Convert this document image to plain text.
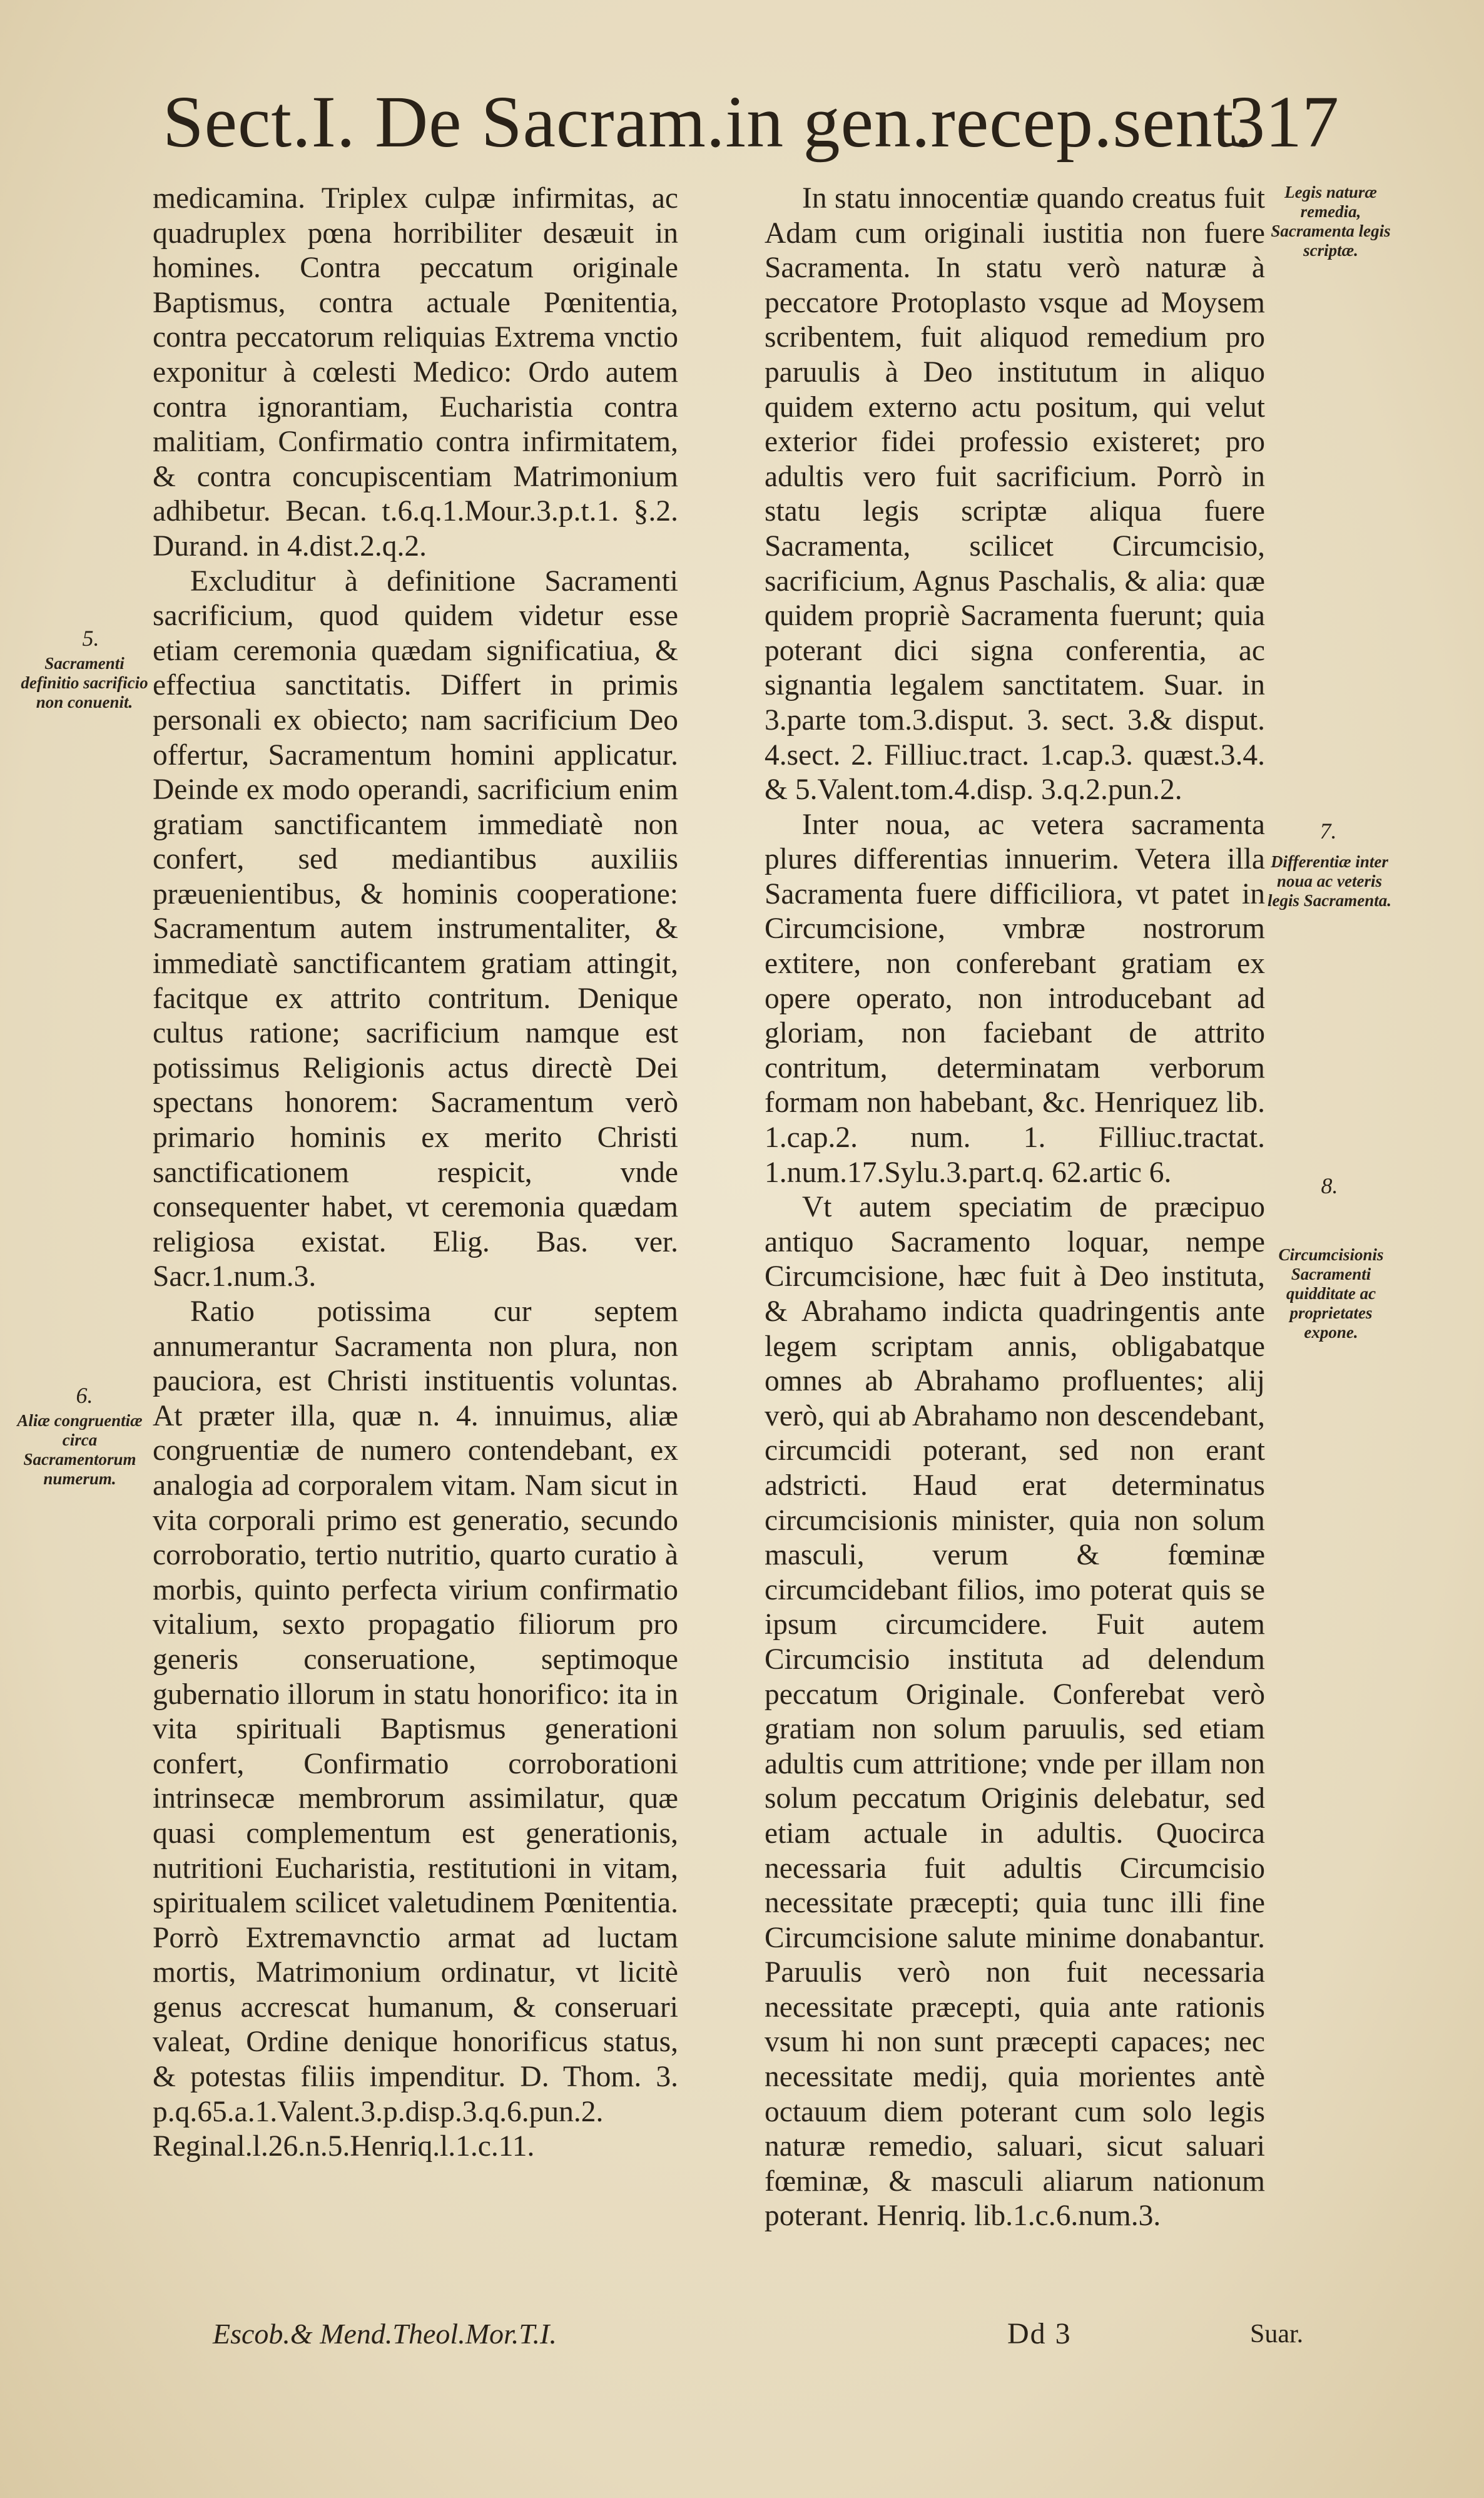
Sect.I. De Sacram.in gen.recep.sent.
317

medicamina. Triplex culpæ infirmitas, ac quadruplex pœna horribiliter desæuit in homines. Contra peccatum originale Baptismus, contra actuale Pœnitentia, contra peccatorum reliquias Extrema vnctio exponitur à cœlesti Medico: Ordo autem contra ignorantiam, Eucharistia contra malitiam, Confirmatio contra infirmitatem, & contra concupiscentiam Matrimonium adhibetur. Becan. t.6.q.1.Mour.3.p.t.1. §.2. Durand. in 4.dist.2.q.2.

Excluditur à definitione Sacramenti sacrificium, quod quidem videtur esse etiam ceremonia quædam significatiua, & effectiua sanctitatis. Differt in primis personali ex obiecto; nam sacrificium Deo offertur, Sacramentum homini applicatur. Deinde ex modo operandi, sacrificium enim gratiam sanctificantem immediatè non confert, sed mediantibus auxiliis præuenientibus, & hominis cooperatione: Sacramentum autem instrumentaliter, & immediatè sanctificantem gratiam attingit, facitque ex attrito contritum. Denique cultus ratione; sacrificium namque est potissimus Religionis actus directè Dei spectans honorem: Sacramentum verò primario hominis ex merito Christi sanctificationem respicit, vnde consequenter habet, vt ceremonia quædam religiosa existat. Elig. Bas. ver. Sacr.1.num.3.

Ratio potissima cur septem annumerantur Sacramenta non plura, non pauciora, est Christi instituentis voluntas. At præter illa, quæ n. 4. innuimus, aliæ congruentiæ de numero contendebant, ex analogia ad corporalem vitam. Nam sicut in vita corporali primo est generatio, secundo corroboratio, tertio nutritio, quarto curatio à morbis, quinto perfecta virium confirmatio vitalium, sexto propagatio filiorum pro generis conseruatione, septimoque gubernatio illorum in statu honorifico: ita in vita spirituali Baptismus generationi confert, Confirmatio corroborationi intrinsecæ membrorum assimilatur, quæ quasi complementum est generationis, nutritioni Eucharistia, restitutioni in vitam, spiritualem scilicet valetudinem Pœnitentia. Porrò Extremavnctio armat ad luctam mortis, Matrimonium ordinatur, vt licitè genus accrescat humanum, & conseruari valeat, Ordine denique honorificus status, & potestas filiis impenditur. D. Thom. 3. p.q.65.a.1.Valent.3.p.disp.3.q.6.pun.2. Reginal.l.26.n.5.Henriq.l.1.c.11.

In statu innocentiæ quando creatus fuit Adam cum originali iustitia non fuere Sacramenta. In statu verò naturæ à peccatore Protoplasto vsque ad Moysem scribentem, fuit aliquod remedium pro paruulis à Deo institutum in aliquo quidem externo actu positum, qui velut exterior fidei professio existeret; pro adultis vero fuit sacrificium. Porrò in statu legis scriptæ aliqua fuere Sacramenta, scilicet Circumcisio, sacrificium, Agnus Paschalis, & alia: quæ quidem propriè Sacramenta fuerunt; quia poterant dici signa conferentia, ac signantia legalem sanctitatem. Suar. in 3.parte tom.3.disput. 3. sect. 3.& disput. 4.sect. 2. Filliuc.tract. 1.cap.3. quæst.3.4. & 5.Valent.tom.4.disp. 3.q.2.pun.2.

Inter noua, ac vetera sacramenta plures differentias innuerim. Vetera illa Sacramenta fuere difficiliora, vt patet in Circumcisione, vmbræ nostrorum extitere, non conferebant gratiam ex opere operato, non introducebant ad gloriam, non faciebant de attrito contritum, determinatam verborum formam non habebant, &c. Henriquez lib. 1.cap.2. num. 1. Filliuc.tractat. 1.num.17.Sylu.3.part.q. 62.artic 6.

Vt autem speciatim de præcipuo antiquo Sacramento loquar, nempe Circumcisione, hæc fuit à Deo instituta, & Abrahamo indicta quadringentis ante legem scriptam annis, obligabatque omnes ab Abrahamo profluentes; alij verò, qui ab Abrahamo non descendebant, circumcidi poterant, sed non erant adstricti. Haud erat determinatus circumcisionis minister, quia non solum masculi, verum & fœminæ circumcidebant filios, imo poterat quis se ipsum circumcidere. Fuit autem Circumcisio instituta ad delendum peccatum Originale. Conferebat verò gratiam non solum paruulis, sed etiam adultis cum attritione; vnde per illam non solum peccatum Originis delebatur, sed etiam actuale in adultis. Quocirca necessaria fuit adultis Circumcisio necessitate præcepti; quia tunc illi fine Circumcisione salute minime donabantur. Paruulis verò non fuit necessaria necessitate præcepti, quia ante rationis vsum hi non sunt præcepti capaces; nec necessitate medij, quia morientes antè octauum diem poterant cum solo legis naturæ remedio, saluari, sicut saluari fœminæ, & masculi aliarum nationum poterant. Henriq. lib.1.c.6.num.3.

5.
Sacramenti definitio sacrificio non conuenit.
6.
Aliæ congruentiæ circa Sacramentorum numerum.
Legis naturæ remedia, Sacramenta legis scriptæ.
7.
Differentiæ inter noua ac veteris legis Sacramenta.
8.
Circumcisionis Sacramenti quidditate ac proprietates expone.
Escob.& Mend.Theol.Mor.T.I.	Dd 3	Suar.
